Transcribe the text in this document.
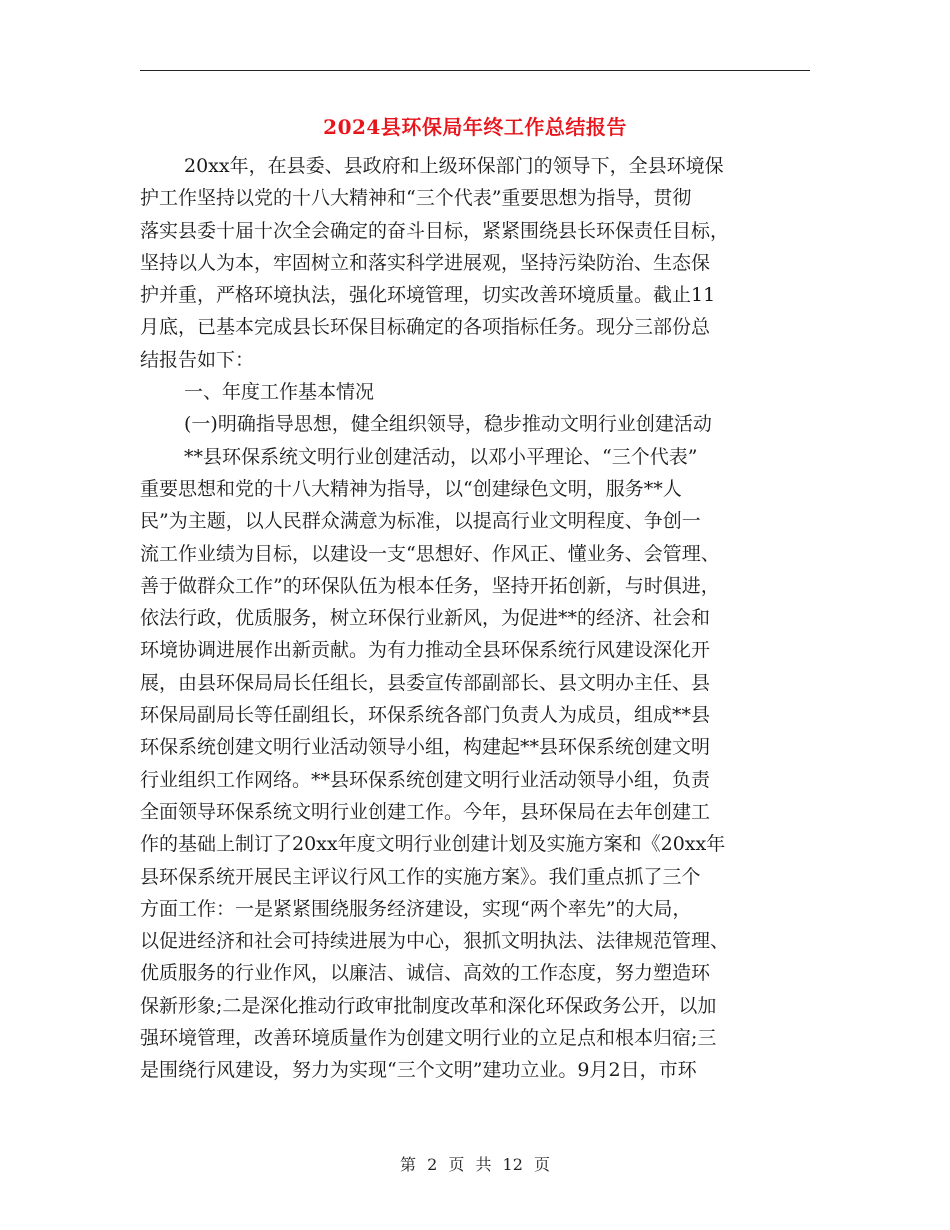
2024县环保局年终工作总结报告
20xx年，在县委、县政府和上级环保部门的领导下，全县环境保
护工作坚持以党的十八大精神和“三个代表”重要思想为指导，贯彻
落实县委十届十次全会确定的奋斗目标，紧紧围绕县长环保责任目标，
坚持以人为本，牢固树立和落实科学进展观，坚持污染防治、生态保
护并重，严格环境执法，强化环境管理，切实改善环境质量。截止11
月底，已基本完成县长环保目标确定的各项指标任务。现分三部份总
结报告如下：
一、年度工作基本情况
(一)明确指导思想，健全组织领导，稳步推动文明行业创建活动
**县环保系统文明行业创建活动，以邓小平理论、“三个代表”
重要思想和党的十八大精神为指导，以“创建绿色文明，服务**人
民”为主题，以人民群众满意为标准，以提高行业文明程度、争创一
流工作业绩为目标，以建设一支“思想好、作风正、懂业务、会管理、
善于做群众工作”的环保队伍为根本任务，坚持开拓创新，与时俱进，
依法行政，优质服务，树立环保行业新风，为促进**的经济、社会和
环境协调进展作出新贡献。为有力推动全县环保系统行风建设深化开
展，由县环保局局长任组长，县委宣传部副部长、县文明办主任、县
环保局副局长等任副组长，环保系统各部门负责人为成员，组成**县
环保系统创建文明行业活动领导小组，构建起**县环保系统创建文明
行业组织工作网络。**县环保系统创建文明行业活动领导小组，负责
全面领导环保系统文明行业创建工作。今年，县环保局在去年创建工
作的基础上制订了20xx年度文明行业创建计划及实施方案和《20xx年
县环保系统开展民主评议行风工作的实施方案》。我们重点抓了三个
方面工作：一是紧紧围绕服务经济建设，实现“两个率先”的大局，
以促进经济和社会可持续进展为中心，狠抓文明执法、法律规范管理、
优质服务的行业作风，以廉洁、诚信、高效的工作态度，努力塑造环
保新形象;二是深化推动行政审批制度改革和深化环保政务公开，以加
强环境管理，改善环境质量作为创建文明行业的立足点和根本归宿;三
是围绕行风建设，努力为实现“三个文明”建功立业。9月2日，市环
第 2 页 共 12 页
